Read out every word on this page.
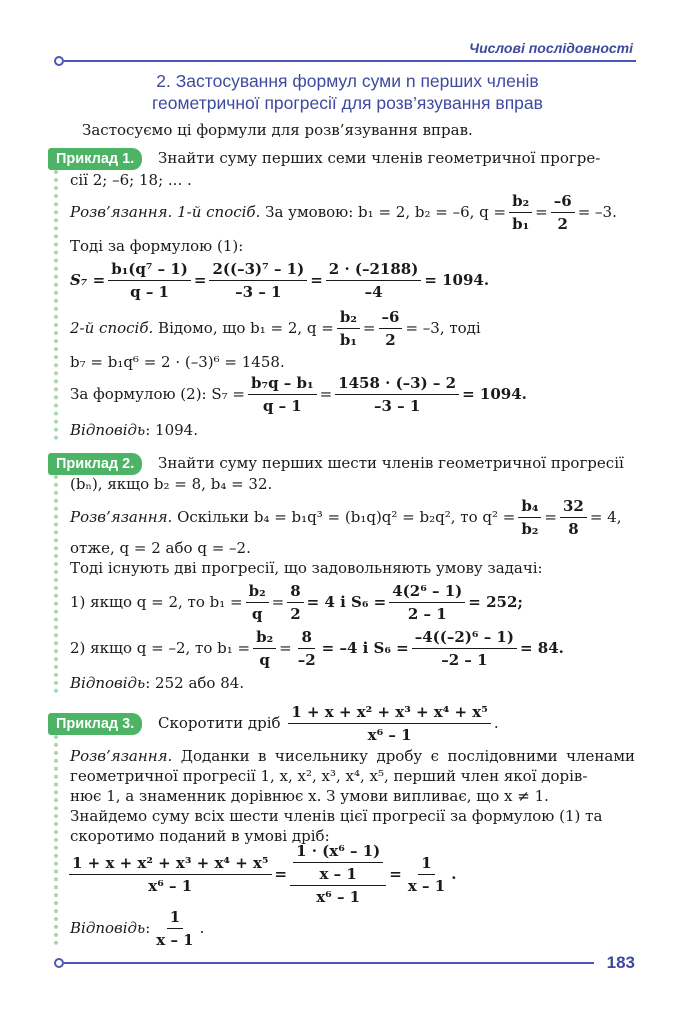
Числові послідовності
2. Застосування формул суми n перших членів
геометричної прогресії для розв’язування вправ
Застосуємо ці формули для розв’язування вправ.
Приклад 1.	Знайти суму перших семи членів геометричної прогре-
сії 2; –6; 18; ... .
Розв’язання. 1-й спосіб.
За умовою: b₁ = 2, b₂ = –6, $q = \frac{\text{b₂}}{\text{b₁}} = \frac{-6}{2} = -3$.
Тоді за формулою (1):
$S_7 = \frac{\text{b₁(q⁷ – 1)}}{q - 1} = \frac{\text{2((–3)⁷ – 1)}}{-3 - 1} = \frac{2 \cdot (-2188)}{-4} = 1094$.
2-й спосіб.
Відомо, що b₁ = 2, $q = \frac{\text{b₂}}{\text{b₁}} = \frac{-6}{2} = -3$, тоді
b₇ = b₁q⁶ = 2 · (–3)⁶ = 1458.
За формулою (2): $S_7 = \frac{\text{b₇q – b₁}}{q - 1} = \frac{1458 \cdot (-3) - 2}{-3 - 1} = 1094$.
Відповідь: 1094.
Приклад 2.	Знайти суму перших шести членів геометричної прогресії
(bₙ), якщо b₂ = 8, b₄ = 32.
Розв’язання.
Оскільки b₄ = b₁q³ = (b₁q)q² = b₂q², то $q^2 = \frac{\text{b₄}}{\text{b₂}} = \frac{32}{8} = 4$,
отже, q = 2 або q = –2.
Тоді існують дві прогресії, що задовольняють умову задачі:
1) якщо q = 2, то $b_1 = \frac{\text{b₂}}{q} = \frac{8}{2} = 4$ і $S_6 = \frac{\text{4(2⁶ – 1)}}{2 - 1} = 252$;
2) якщо q = –2, то $b_1 = \frac{\text{b₂}}{q} = \frac{8}{-2} = -4$ і $S_6 = \frac{\text{–4((–2)⁶ – 1)}}{-2 - 1} = 84$.
Відповідь: 252 або 84.
Приклад 3.	Скоротити дріб
$\frac{\text{1 + x + x² + x³ + x⁴ + x⁵}}{\text{x⁶ – 1}}$ .
Розв’язання. Доданки в чисельнику дробу є послідовними членами
геометричної прогресії 1, x, x², x³, x⁴, x⁵, перший член якої дорів-
нює 1, а знаменник дорівнює x. З умови випливає, що x ≠ 1.
Знайдемо суму всіх шести членів цієї прогресії за формулою (1) та
скоротимо поданий в умові дріб:
$\frac{\text{1 + x + x² + x³ + x⁴ + x⁵}}{\text{x⁶ – 1}} = \frac{\frac{\text{1 · (x⁶ – 1)}}{x - 1}}{\text{x⁶ – 1}} = \frac{1}{x - 1}$ .
Відповідь : $\frac{1}{x - 1}$ .
183
